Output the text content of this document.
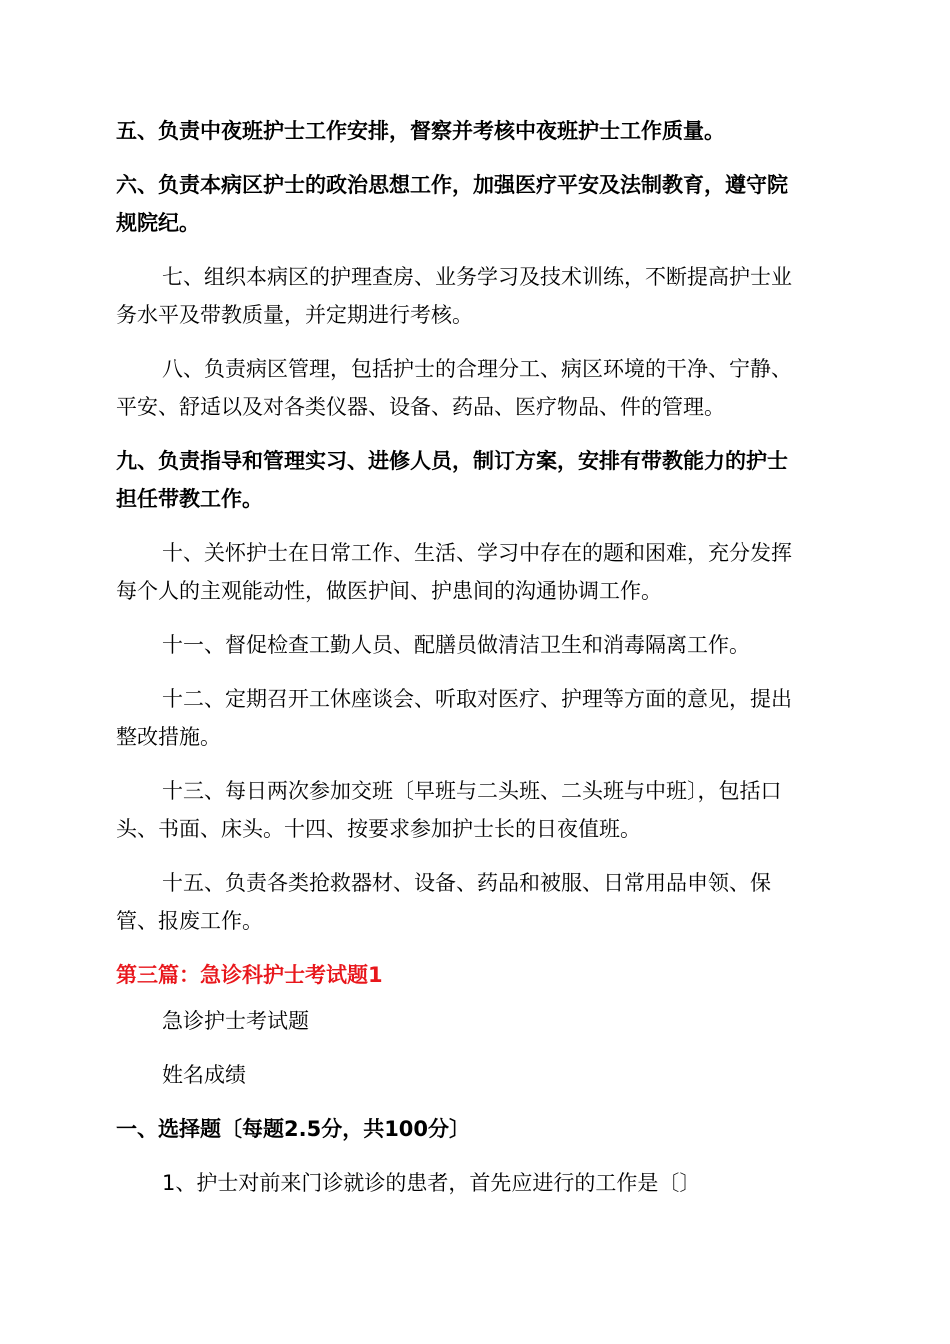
五、负责中夜班护士工作安排，督察并考核中夜班护士工作质量。

六、负责本病区护士的政治思想工作，加强医疗平安及法制教育，遵守院
规院纪。

七、组织本病区的护理查房、业务学习及技术训练，不断提高护士业
务水平及带教质量，并定期进行考核。

八、负责病区管理，包括护士的合理分工、病区环境的干净、宁静、
平安、舒适以及对各类仪器、设备、药品、医疗物品、件的管理。

九、负责指导和管理实习、进修人员，制订方案，安排有带教能力的护士
担任带教工作。

十、关怀护士在日常工作、生活、学习中存在的题和困难，充分发挥
每个人的主观能动性，做医护间、护患间的沟通协调工作。

十一、督促检查工勤人员、配膳员做清洁卫生和消毒隔离工作。

十二、定期召开工休座谈会、听取对医疗、护理等方面的意见，提出
整改措施。

十三、每日两次参加交班〔早班与二头班、二头班与中班〕，包括口
头、书面、床头。十四、按要求参加护士长的日夜值班。

十五、负责各类抢救器材、设备、药品和被服、日常用品申领、保
管、报废工作。

第三篇：急诊科护士考试题1

急诊护士考试题

姓名成绩

一、选择题〔每题2.5分，共100分〕

1、护士对前来门诊就诊的患者，首先应进行的工作是〔〕
